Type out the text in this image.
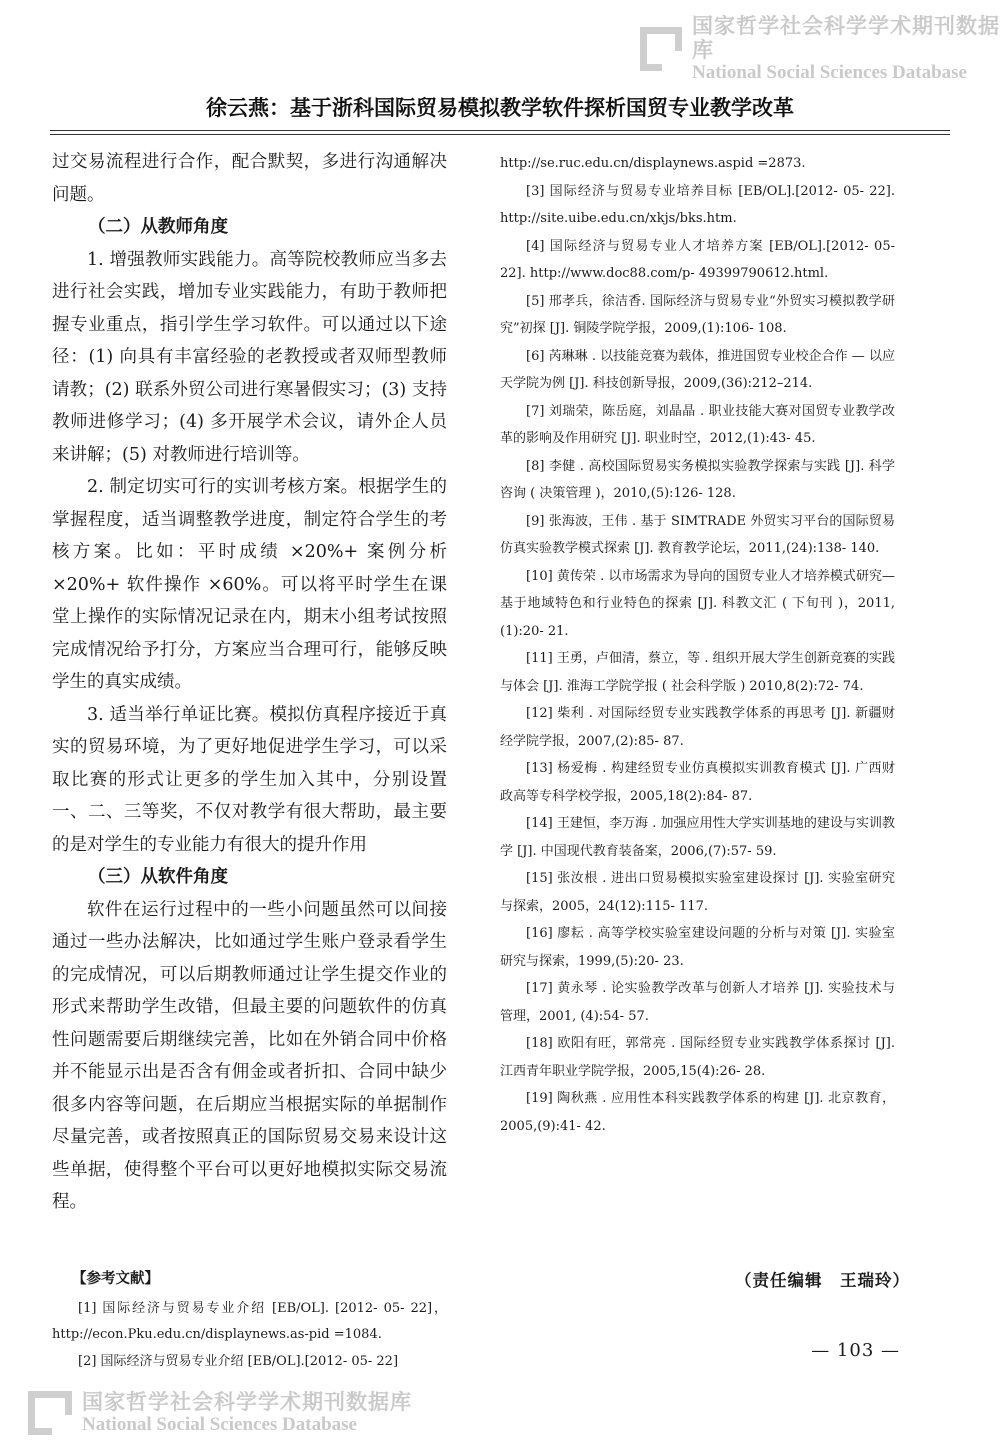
国家哲学社会科学学术期刊数据库
National Social Sciences Database
徐云燕：基于浙科国际贸易模拟教学软件探析国贸专业教学改革

过交易流程进行合作，配合默契，多进行沟通解决问题。

（二）从教师角度

1. 增强教师实践能力。高等院校教师应当多去进行社会实践，增加专业实践能力，有助于教师把握专业重点，指引学生学习软件。可以通过以下途径：(1) 向具有丰富经验的老教授或者双师型教师请教；(2) 联系外贸公司进行寒暑假实习；(3) 支持教师进修学习；(4) 多开展学术会议，请外企人员来讲解；(5) 对教师进行培训等。

2. 制定切实可行的实训考核方案。根据学生的掌握程度，适当调整教学进度，制定符合学生的考核方案。比如：平时成绩 ×20%+ 案例分析 ×20%+ 软件操作 ×60%。可以将平时学生在课堂上操作的实际情况记录在内，期末小组考试按照完成情况给予打分，方案应当合理可行，能够反映学生的真实成绩。

3. 适当举行单证比赛。模拟仿真程序接近于真实的贸易环境，为了更好地促进学生学习，可以采取比赛的形式让更多的学生加入其中，分别设置一、二、三等奖，不仅对教学有很大帮助，最主要的是对学生的专业能力有很大的提升作用

（三）从软件角度

软件在运行过程中的一些小问题虽然可以间接通过一些办法解决，比如通过学生账户登录看学生的完成情况，可以后期教师通过让学生提交作业的形式来帮助学生改错，但最主要的问题软件的仿真性问题需要后期继续完善，比如在外销合同中价格并不能显示出是否含有佣金或者折扣、合同中缺少很多内容等问题，在后期应当根据实际的单据制作尽量完善，或者按照真正的国际贸易交易来设计这些单据，使得整个平台可以更好地模拟实际交易流程。

【参考文献】

[1] 国际经济与贸易专业介绍 [EB/OL]. [2012- 05- 22]，http://econ.Pku.edu.cn/displaynews.as-pid =1084.

[2] 国际经济与贸易专业介绍 [EB/OL].[2012- 05- 22]

http://se.ruc.edu.cn/displaynews.aspid =2873.

[3] 国际经济与贸易专业培养目标 [EB/OL].[2012- 05- 22]. http://site.uibe.edu.cn/xkjs/bks.htm.

[4] 国际经济与贸易专业人才培养方案 [EB/OL].[2012- 05- 22]. http://www.doc88.com/p- 49399790612.html.

[5] 邢孝兵，徐洁香. 国际经济与贸易专业“外贸实习模拟教学研究”初探 [J]. 铜陵学院学报，2009,(1):106- 108.

[6] 芮琳琳 . 以技能竞赛为载体，推进国贸专业校企合作 — 以应天学院为例 [J]. 科技创新导报，2009,(36):212–214.

[7] 刘瑞荣，陈岳庭，刘晶晶 . 职业技能大赛对国贸专业教学改革的影响及作用研究 [J]. 职业时空，2012,(1):43- 45.

[8] 李健 . 高校国际贸易实务模拟实验教学探索与实践 [J]. 科学咨询 ( 决策管理 )，2010,(5):126- 128.

[9] 张海波，王伟 . 基于 SIMTRADE 外贸实习平台的国际贸易仿真实验教学模式探索 [J]. 教育教学论坛，2011,(24):138- 140.

[10] 黄传荣 . 以市场需求为导向的国贸专业人才培养模式研究— 基于地域特色和行业特色的探索 [J]. 科教文汇 ( 下旬刊 )，2011,(1):20- 21.

[11] 王勇，卢佃清，蔡立，等 . 组织开展大学生创新竞赛的实践与体会 [J]. 淮海工学院学报 ( 社会科学版 ) 2010,8(2):72- 74.

[12] 柴利 . 对国际经贸专业实践教学体系的再思考 [J]. 新疆财经学院学报，2007,(2):85- 87.

[13] 杨爱梅 . 构建经贸专业仿真模拟实训教育模式 [J]. 广西财政高等专科学校学报，2005,18(2):84- 87.

[14] 王建恒，李万海 . 加强应用性大学实训基地的建设与实训教学 [J]. 中国现代教育装备案，2006,(7):57- 59.

[15] 张汝根 . 进出口贸易模拟实验室建设探讨 [J]. 实验室研究与探索，2005，24(12):115- 117.

[16] 廖耘 . 高等学校实验室建设问题的分析与对策 [J]. 实验室研究与探索，1999,(5):20- 23.

[17] 黄永琴 . 论实验教学改革与创新人才培养 [J]. 实验技术与管理，2001, (4):54- 57.

[18] 欧阳有旺，郭常亮 . 国际经贸专业实践教学体系探讨 [J]. 江西青年职业学院学报，2005,15(4):26- 28.

[19] 陶秋燕 . 应用性本科实践教学体系的构建 [J]. 北京教育，2005,(9):41- 42.

（责任编辑　王瑞玲）
— 103 —
国家哲学社会科学学术期刊数据库
National Social Sciences Database
